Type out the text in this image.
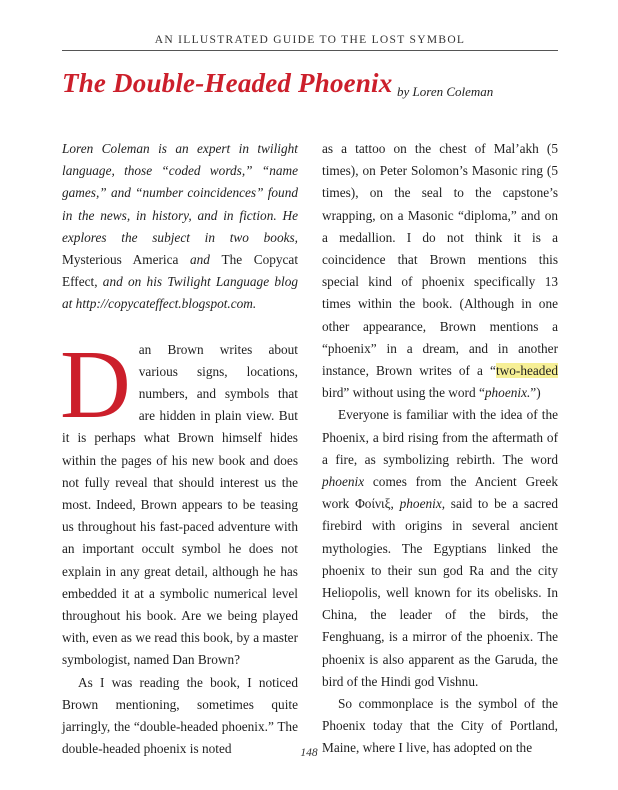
AN ILLUSTRATED GUIDE TO THE LOST SYMBOL
The Double-Headed Phoenix by Loren Coleman

Loren Coleman is an expert in twilight language, those “coded words,” “name games,” and “number coincidences” found in the news, in history, and in fiction. He explores the subject in two books, Mysterious America and The Copycat Effect, and on his Twilight Language blog at http://copycateffect.blogspot.com.

Dan Brown writes about various signs, locations, numbers, and symbols that are hidden in plain view. But it is perhaps what Brown himself hides within the pages of his new book and does not fully reveal that should interest us the most. Indeed, Brown appears to be teasing us throughout his fast-paced adventure with an important occult symbol he does not explain in any great detail, although he has embedded it at a symbolic numerical level throughout his book. Are we being played with, even as we read this book, by a master symbologist, named Dan Brown?

As I was reading the book, I noticed Brown mentioning, sometimes quite jarringly, the “double-headed phoenix.” The double-headed phoenix is noted

as a tattoo on the chest of Mal’akh (5 times), on Peter Solomon’s Masonic ring (5 times), on the seal to the capstone’s wrapping, on a Masonic “diploma,” and on a medallion. I do not think it is a coincidence that Brown mentions this special kind of phoenix specifically 13 times within the book. (Although in one other appearance, Brown mentions a “phoenix” in a dream, and in another instance, Brown writes of a “two-headed bird” without using the word “phoenix.”)

Everyone is familiar with the idea of the Phoenix, a bird rising from the aftermath of a fire, as symbolizing rebirth. The word phoenix comes from the Ancient Greek work Φοίνιξ, phoenix, said to be a sacred firebird with origins in several ancient mythologies. The Egyptians linked the phoenix to their sun god Ra and the city Heliopolis, well known for its obelisks. In China, the leader of the birds, the Fenghuang, is a mirror of the phoenix. The phoenix is also apparent as the Garuda, the bird of the Hindi god Vishnu.

So commonplace is the symbol of the Phoenix today that the City of Portland, Maine, where I live, has adopted on the

148
